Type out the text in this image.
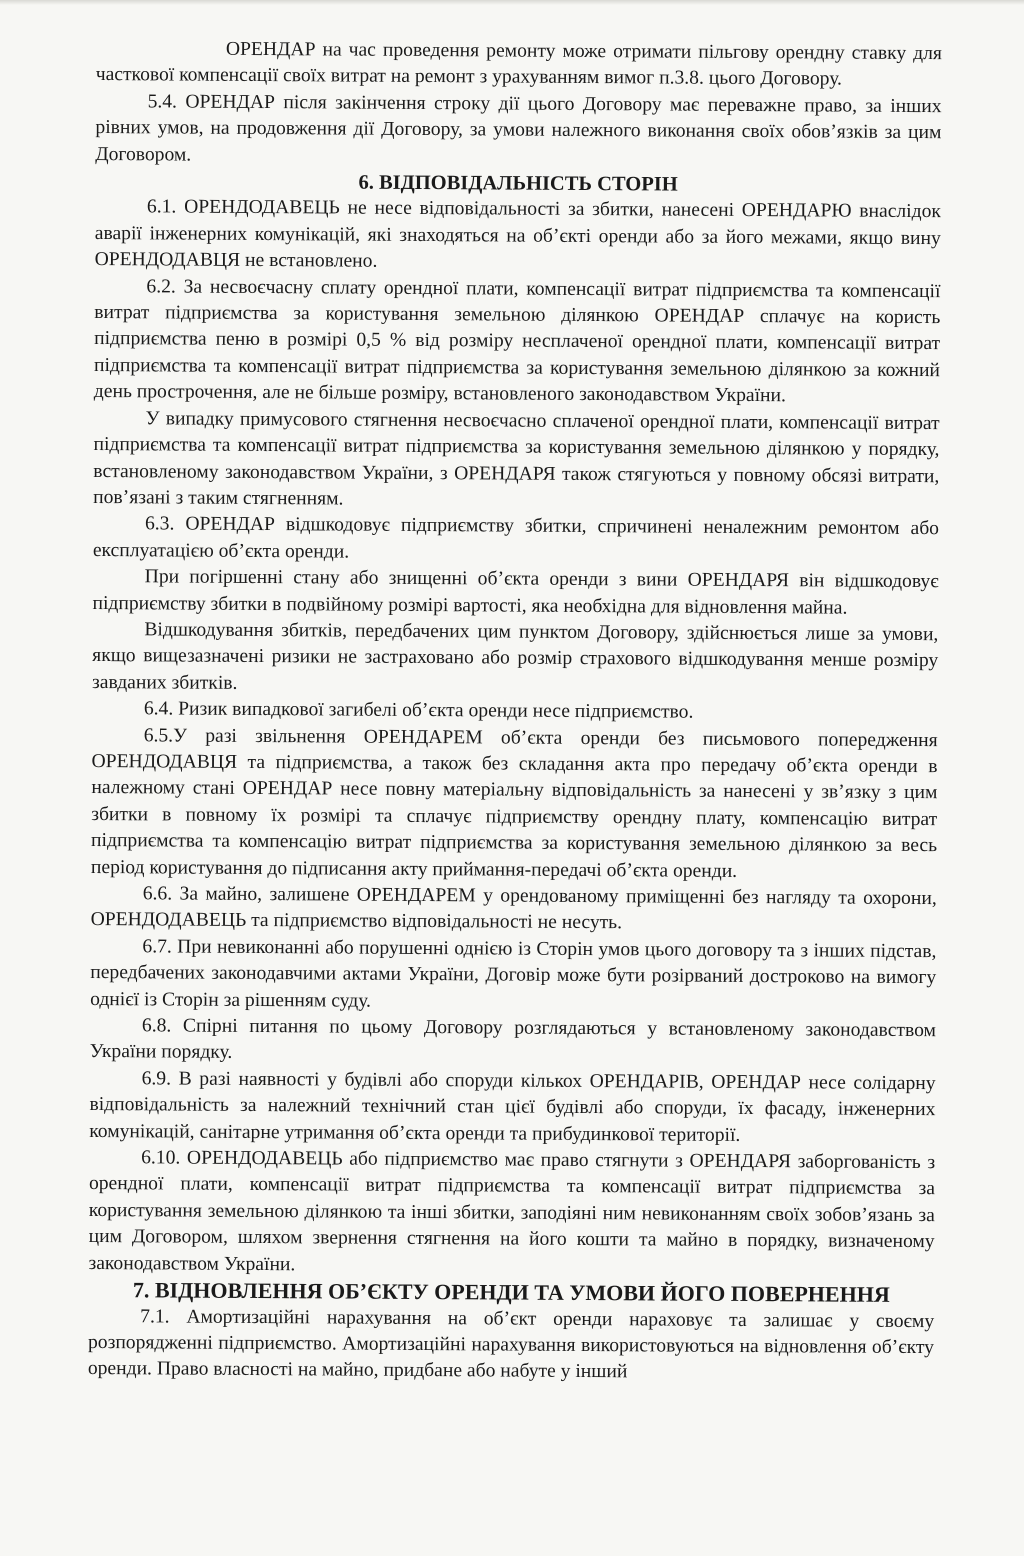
ОРЕНДАР на час проведення ремонту може отримати пільгову орендну ставку для часткової компенсації своїх витрат на ремонт з урахуванням вимог п.3.8. цього Договору.

5.4. ОРЕНДАР після закінчення строку дії цього Договору має переважне право, за інших рівних умов, на продовження дії Договору, за умови належного виконання своїх обов’язків за цим Договором.

6. ВІДПОВІДАЛЬНІСТЬ СТОРІН

6.1. ОРЕНДОДАВЕЦЬ не несе відповідальності за збитки, нанесені ОРЕНДАРЮ внаслідок аварії інженерних комунікацій, які знаходяться на об’єкті оренди або за його межами, якщо вину ОРЕНДОДАВЦЯ не встановлено.

6.2. За несвоєчасну сплату орендної плати, компенсації витрат підприємства та компенсації витрат підприємства за користування земельною ділянкою ОРЕНДАР сплачує на користь підприємства пеню в розмірі 0,5 % від розміру несплаченої орендної плати, компенсації витрат підприємства та компенсації витрат підприємства за користування земельною ділянкою за кожний день прострочення, але не більше розміру, встановленого законодавством України.

У випадку примусового стягнення несвоєчасно сплаченої орендної плати, компенсації витрат підприємства та компенсації витрат підприємства за користування земельною ділянкою у порядку, встановленому законодавством України, з ОРЕНДАРЯ також стягуються у повному обсязі витрати, пов’язані з таким стягненням.

6.3. ОРЕНДАР відшкодовує підприємству збитки, спричинені неналежним ремонтом або експлуатацією об’єкта оренди.

При погіршенні стану або знищенні об’єкта оренди з вини ОРЕНДАРЯ він відшкодовує підприємству збитки в подвійному розмірі вартості, яка необхідна для відновлення майна.

Відшкодування збитків, передбачених цим пунктом Договору, здійснюється лише за умови, якщо вищезазначені ризики не застраховано або розмір страхового відшкодування менше розміру завданих збитків.

6.4. Ризик випадкової загибелі об’єкта оренди несе підприємство.

6.5.У разі звільнення ОРЕНДАРЕМ об’єкта оренди без письмового попередження ОРЕНДОДАВЦЯ та підприємства, а також без складання акта про передачу об’єкта оренди в належному стані ОРЕНДАР несе повну матеріальну відповідальність за нанесені у зв’язку з цим збитки в повному їх розмірі та сплачує підприємству орендну плату, компенсацію витрат підприємства та компенсацію витрат підприємства за користування земельною ділянкою за весь період користування до підписання акту приймання-передачі об’єкта оренди.

6.6. За майно, залишене ОРЕНДАРЕМ у орендованому приміщенні без нагляду та охорони, ОРЕНДОДАВЕЦЬ та підприємство відповідальності не несуть.

6.7. При невиконанні або порушенні однією із Сторін умов цього договору та з інших підстав, передбачених законодавчими актами України, Договір може бути розірваний достроково на вимогу однієї із Сторін за рішенням суду.

6.8. Спірні питання по цьому Договору розглядаються у встановленому законодавством України порядку.

6.9. В разі наявності у будівлі або споруди кількох ОРЕНДАРІВ, ОРЕНДАР несе солідарну відповідальність за належний технічний стан цієї будівлі або споруди, їх фасаду, інженерних комунікацій, санітарне утримання об’єкта оренди та прибудинкової території.

6.10. ОРЕНДОДАВЕЦЬ або підприємство має право стягнути з ОРЕНДАРЯ заборгованість з орендної плати, компенсації витрат підприємства та компенсації витрат підприємства за користування земельною ділянкою та інші збитки, заподіяні ним невиконанням своїх зобов’язань за цим Договором, шляхом звернення стягнення на його кошти та майно в порядку, визначеному законодавством України.

7. ВІДНОВЛЕННЯ ОБ’ЄКТУ ОРЕНДИ ТА УМОВИ ЙОГО ПОВЕРНЕННЯ

7.1. Амортизаційні нарахування на об’єкт оренди нараховує та залишає у своєму розпорядженні підприємство. Амортизаційні нарахування використовуються на відновлення об’єкту оренди. Право власності на майно, придбане або набуте у інший
